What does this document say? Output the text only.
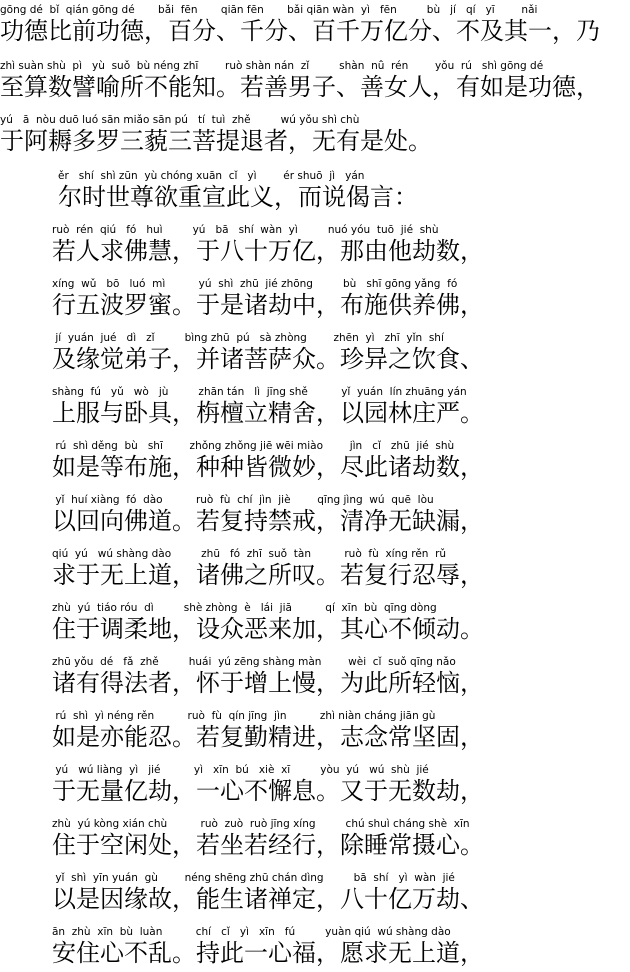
gōng dé  bǐ  qián gōng dé       bǎi  fēn       qiān fēn       bǎi qiān wàn  yì   fēn         bù   jí   qí   yī        nǎi
功德比前功德，百分、千分、百千万亿分、不及其一，乃
zhì suàn shù  pì   yù  suǒ  bù néng zhī        ruò shàn nán  zǐ         shàn  nǚ  rén        yǒu  rú   shì gōng dé
至算数譬喻所不能知。若善男子、善女人，有如是功德，
yú   ā  nòu duō luó sān miǎo sān pú   tí  tuì  zhě         wú yǒu shì chù
于阿耨多罗三藐三菩提退者，无有是处。
ěr   shí  shì zūn  yù chóng xuān  cǐ   yì        ér shuō  jì   yán
尔时世尊欲重宣此义，而说偈言：
ruò  rén  qiú   fó   huì         yú   bā   shí  wàn  yì         nuó yóu  tuō  jié  shù
若人求佛慧，于八十万亿，那由他劫数，
xíng  wǔ   bō   luó  mì          yú  shì  zhū  jié zhōng         bù   shī gōng yǎng  fó
行五波罗蜜。于是诸劫中，布施供养佛，
jí  yuán  jué   dì   zǐ         bìng zhū  pú   sà zhòng        zhēn  yì   zhī  yǐn  shí
及缘觉弟子，并诸菩萨众。珍异之饮食、
shàng  fú   yǔ   wò   jù         zhān tán   lì  jīng shě          yǐ  yuán  lín zhuāng yán
上服与卧具，栴檀立精舍，以园林庄严。
rú  shì děng  bù   shī        zhǒng zhǒng jiē wēi miào        jìn   cǐ   zhū  jié  shù
如是等布施，种种皆微妙，尽此诸劫数，
yǐ  huí xiàng  fó  dào          ruò  fù  chí  jìn  jiè        qīng jìng  wú  quē  lòu
以回向佛道。若复持禁戒，清净无缺漏，
qiú  yú   wú shàng dào         zhū   fó  zhī  suǒ  tàn          ruò  fù  xíng rěn  rǔ
求于无上道，诸佛之所叹。若复行忍辱，
zhù  yú  tiáo róu  dì         shè zhòng  è   lái  jiā          qí  xīn  bù  qīng dòng
住于调柔地，设众恶来加，其心不倾动。
zhū yǒu  dé   fǎ  zhě         huái  yú zēng shàng màn        wèi  cǐ  suǒ qīng nǎo
诸有得法者，怀于增上慢，为此所轻恼，
rú  shì  yì néng rěn          ruò  fù  qín jīng  jìn          zhì niàn cháng jiān gù
如是亦能忍。若复勤精进，志念常坚固，
yú   wú liàng  yì   jié          yì   xīn  bú   xiè  xī         yòu  yú   wú  shù  jié
于无量亿劫，一心不懈息。又于无数劫，
zhù  yú kòng xián chù          ruò  zuò  ruò jīng xíng         chú shuì cháng shè  xīn
住于空闲处，若坐若经行，除睡常摄心。
yǐ  shì  yīn yuán  gù        néng shēng zhū chán dìng         bā  shí   yì  wàn  jié
以是因缘故，能生诸禅定，八十亿万劫、
ān  zhù  xīn  bù  luàn          chí   cǐ   yì   xīn   fú         yuàn qiú  wú shàng dào
安住心不乱。持此一心福，愿求无上道，
